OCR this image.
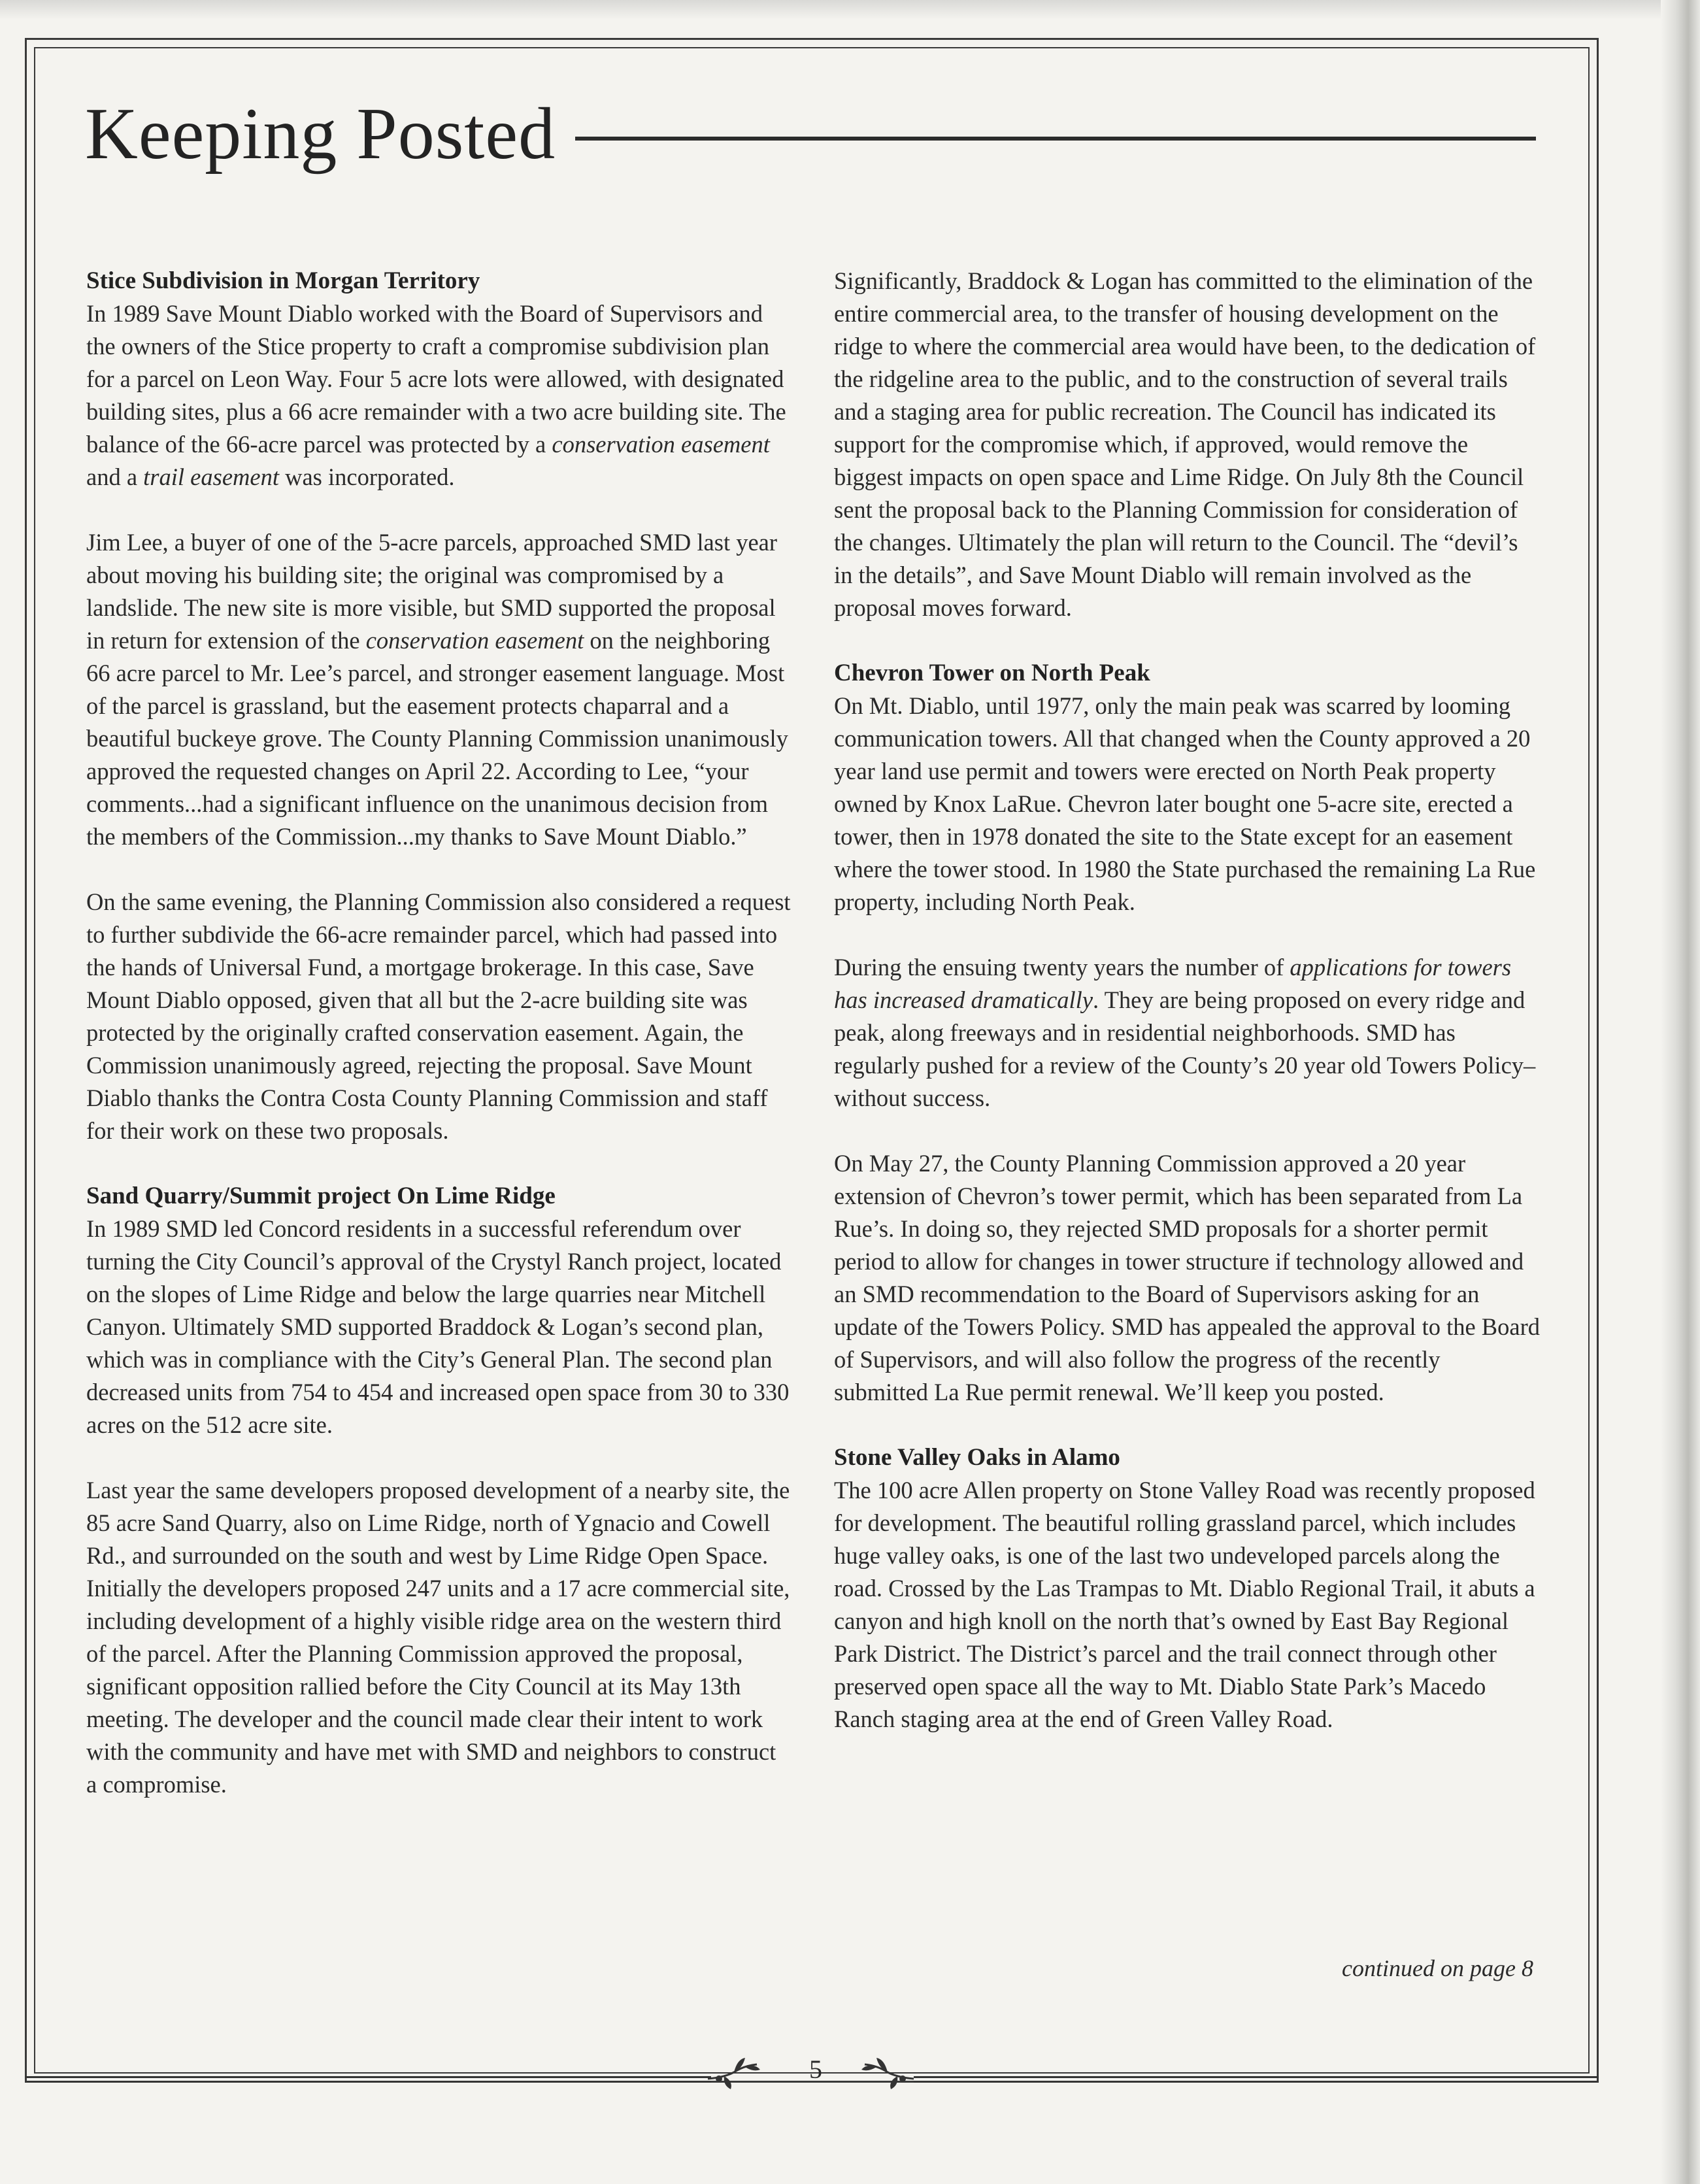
Keeping Posted
Stice Subdivision in Morgan Territory

In 1989 Save Mount Diablo worked with the Board of Supervisors and the owners of the Stice property to craft a compromise subdivision plan for a parcel on Leon Way. Four 5 acre lots were allowed, with designated building sites, plus a 66 acre remainder with a two acre building site. The balance of the 66-acre parcel was protected by a conservation easement and a trail easement was incorporated.

Jim Lee, a buyer of one of the 5-acre parcels, approached SMD last year about moving his building site; the original was compromised by a landslide. The new site is more visible, but SMD supported the proposal in return for extension of the conservation easement on the neighboring 66 acre parcel to Mr. Lee’s parcel, and stronger easement language. Most of the parcel is grassland, but the easement protects chaparral and a beautiful buckeye grove. The County Planning Commission unanimously approved the requested changes on April 22. According to Lee, “your comments...had a significant influence on the unanimous decision from the members of the Commission...my thanks to Save Mount Diablo.”

On the same evening, the Planning Commission also considered a request to further subdivide the 66-acre remainder parcel, which had passed into the hands of Universal Fund, a mortgage brokerage. In this case, Save Mount Diablo opposed, given that all but the 2-acre building site was protected by the originally crafted conservation easement. Again, the Commission unanimously agreed, rejecting the proposal. Save Mount Diablo thanks the Contra Costa County Planning Commission and staff for their work on these two proposals.

Sand Quarry/Summit project On Lime Ridge

In 1989 SMD led Concord residents in a successful referendum over turning the City Council’s approval of the Crystyl Ranch project, located on the slopes of Lime Ridge and below the large quarries near Mitchell Canyon. Ultimately SMD supported Braddock & Logan’s second plan, which was in compliance with the City’s General Plan. The second plan decreased units from 754 to 454 and increased open space from 30 to 330 acres on the 512 acre site.

Last year the same developers proposed development of a nearby site, the 85 acre Sand Quarry, also on Lime Ridge, north of Ygnacio and Cowell Rd., and surrounded on the south and west by Lime Ridge Open Space. Initially the developers proposed 247 units and a 17 acre commercial site, including development of a highly visible ridge area on the western third of the parcel. After the Planning Commission approved the proposal, significant opposition rallied before the City Council at its May 13th meeting. The developer and the council made clear their intent to work with the community and have met with SMD and neighbors to construct a compromise.

Significantly, Braddock & Logan has committed to the elimination of the entire commercial area, to the transfer of housing development on the ridge to where the commercial area would have been, to the dedication of the ridgeline area to the public, and to the construction of several trails and a staging area for public recreation. The Council has indicated its support for the compromise which, if approved, would remove the biggest impacts on open space and Lime Ridge. On July 8th the Council sent the proposal back to the Planning Commission for consideration of the changes. Ultimately the plan will return to the Council. The “devil’s in the details”, and Save Mount Diablo will remain involved as the proposal moves forward.

Chevron Tower on North Peak

On Mt. Diablo, until 1977, only the main peak was scarred by looming communication towers. All that changed when the County approved a 20 year land use permit and towers were erected on North Peak property owned by Knox LaRue. Chevron later bought one 5-acre site, erected a tower, then in 1978 donated the site to the State except for an easement where the tower stood. In 1980 the State purchased the remaining La Rue property, including North Peak.

During the ensuing twenty years the number of applications for towers has increased dramatically. They are being proposed on every ridge and peak, along freeways and in residential neighborhoods. SMD has regularly pushed for a review of the County’s 20 year old Towers Policy–without success.

On May 27, the County Planning Commission approved a 20 year extension of Chevron’s tower permit, which has been separated from La Rue’s. In doing so, they rejected SMD proposals for a shorter permit period to allow for changes in tower structure if technology allowed and an SMD recommendation to the Board of Supervisors asking for an update of the Towers Policy. SMD has appealed the approval to the Board of Supervisors, and will also follow the progress of the recently submitted La Rue permit renewal. We’ll keep you posted.

Stone Valley Oaks in Alamo

The 100 acre Allen property on Stone Valley Road was recently proposed for development. The beautiful rolling grassland parcel, which includes huge valley oaks, is one of the last two undeveloped parcels along the road. Crossed by the Las Trampas to Mt. Diablo Regional Trail, it abuts a canyon and high knoll on the north that’s owned by East Bay Regional Park District. The District’s parcel and the trail connect through other preserved open space all the way to Mt. Diablo State Park’s Macedo Ranch staging area at the end of Green Valley Road.

continued on page 8
5
